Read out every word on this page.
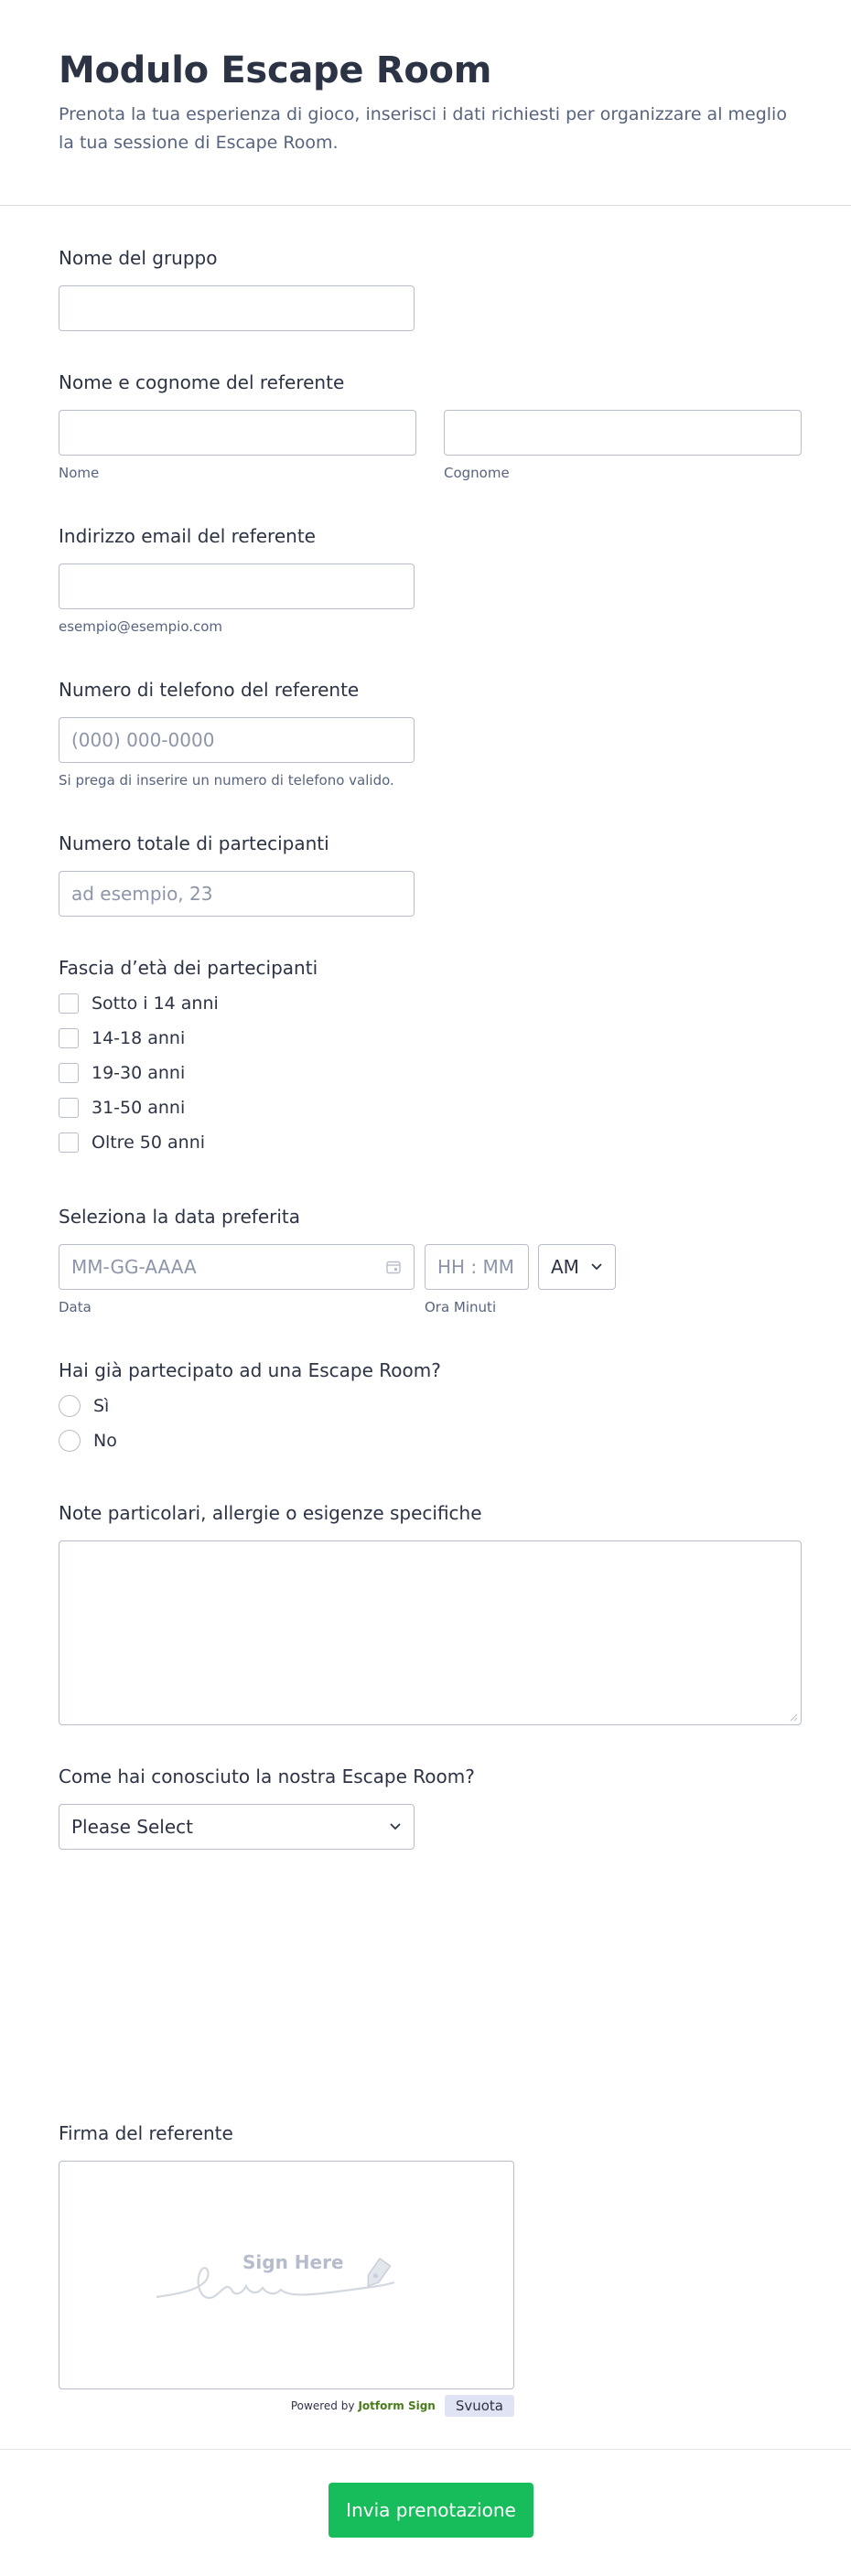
Modulo Escape Room

Prenota la tua esperienza di gioco, inserisci i dati richiesti per organizzare al meglio la tua sessione di Escape Room.

Nome del gruppo
Nome e cognome del referente
Nome	Cognome
Indirizzo email del referente
esempio@esempio.com
Numero di telefono del referente
(000) 000-0000
Si prega di inserire un numero di telefono valido.
Numero totale di partecipanti
ad esempio, 23
Fascia d’età dei partecipanti
Sotto i 14 anni
14-18 anni
19-30 anni
31-50 anni
Oltre 50 anni
Seleziona la data preferita
MM-GG-AAAA
Data
HH : MM
Ora Minuti
AM
Hai già partecipato ad una Escape Room?
Sì
No
Note particolari, allergie o esigenze specifiche
Come hai conosciuto la nostra Escape Room?
Please Select
Firma del referente
Sign Here
Powered by Jotform Sign	Svuota
Invia prenotazione
